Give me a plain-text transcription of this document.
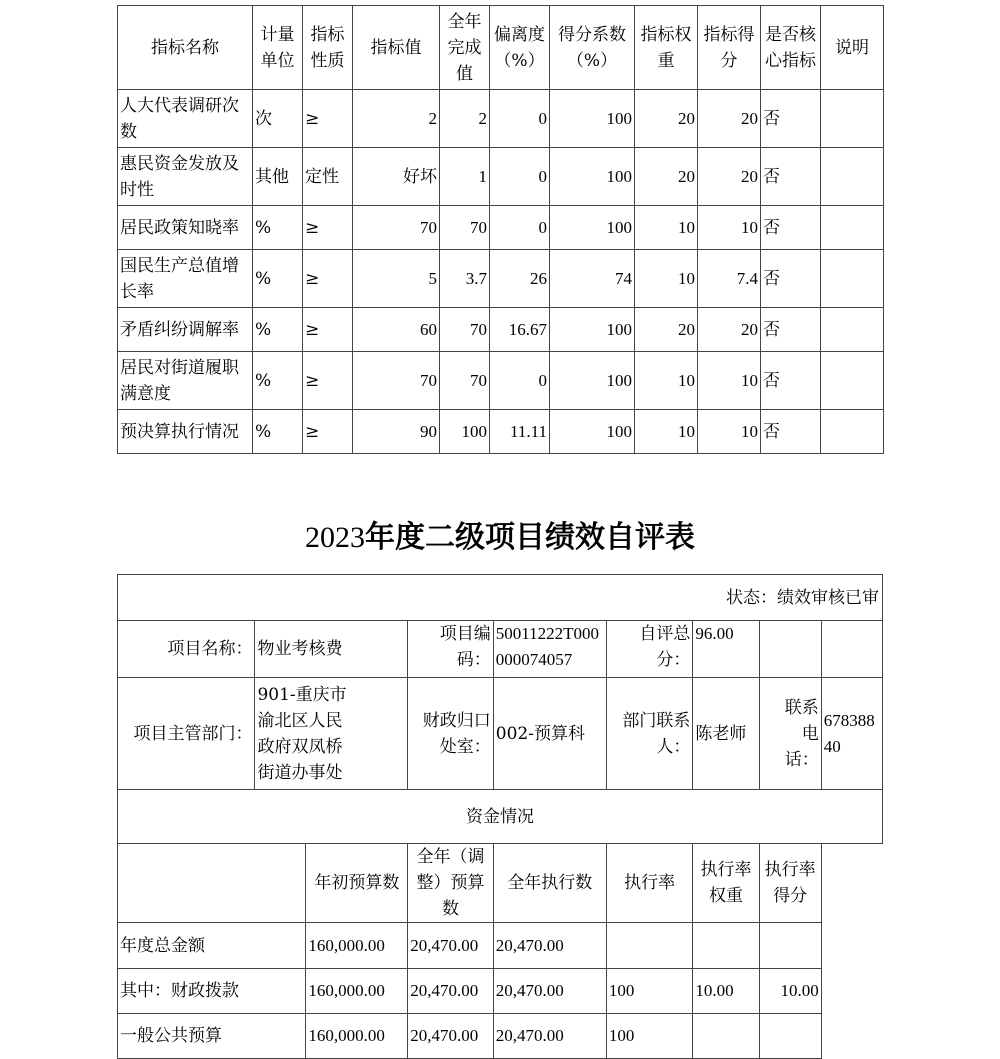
指标名称	计量单位	指标性质	指标值	全年完成值	偏离度（%）	得分系数（%）	指标权重	指标得分	是否核心指标	说明
人大代表调研次数	次	≥	2	2	0	100	20	20	否	
惠民资金发放及时性	其他	定性	好坏	1	0	100	20	20	否	
居民政策知晓率	%	≥	70	70	0	100	10	10	否	
国民生产总值增长率	%	≥	5	3.7	26	74	10	7.4	否	
矛盾纠纷调解率	%	≥	60	70	16.67	100	20	20	否	
居民对街道履职满意度	%	≥	70	70	0	100	10	10	否	
预决算执行情况	%	≥	90	100	11.11	100	10	10	否	
2023年度二级项目绩效自评表
状态：绩效审核已审								
项目名称：	物业考核费		项目编码：	50011222T000000074057	自评总分：	96.00		
项目主管部门：	901-重庆市渝北区人民政府双凤桥街道办事处		财政归口处室：	002-预算科	部门联系人：	陈老师	联系电话：	67838840
资金情况								
		年初预算数	全年（调整）预算数	全年执行数	执行率	执行率权重	执行率得分	
年度总金额		160,000.00	20,470.00	20,470.00				
其中：财政拨款		160,000.00	20,470.00	20,470.00	100	10.00	10.00	
一般公共预算		160,000.00	20,470.00	20,470.00	100			
